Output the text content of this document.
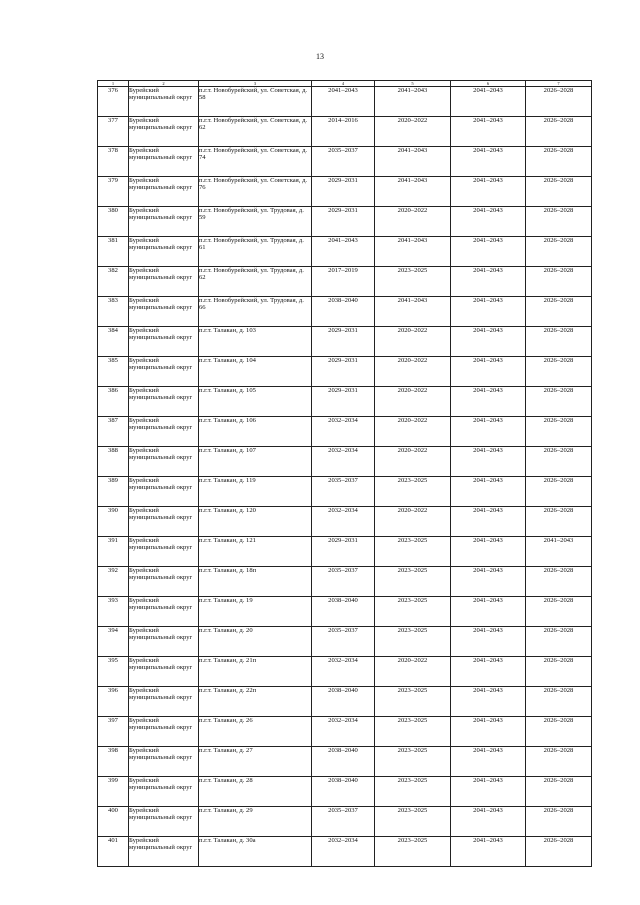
13
1	2	3	4	5	6	7
376	Бурейский муниципальный округ	п.г.т. Новобурейский, ул. Советская, д. 58	2041–2043	2041–2043	2041–2043	2026–2028
377	Бурейский муниципальный округ	п.г.т. Новобурейский, ул. Советская, д. 62	2014–2016	2020–2022	2041–2043	2026–2028
378	Бурейский муниципальный округ	п.г.т. Новобурейский, ул. Советская, д. 74	2035–2037	2041–2043	2041–2043	2026–2028
379	Бурейский муниципальный округ	п.г.т. Новобурейский, ул. Советская, д. 76	2029–2031	2041–2043	2041–2043	2026–2028
380	Бурейский муниципальный округ	п.г.т. Новобурейский, ул. Трудовая, д. 59	2029–2031	2020–2022	2041–2043	2026–2028
381	Бурейский муниципальный округ	п.г.т. Новобурейский, ул. Трудовая, д. 61	2041–2043	2041–2043	2041–2043	2026–2028
382	Бурейский муниципальный округ	п.г.т. Новобурейский, ул. Трудовая, д. 62	2017–2019	2023–2025	2041–2043	2026–2028
383	Бурейский муниципальный округ	п.г.т. Новобурейский, ул. Трудовая, д. 66	2038–2040	2041–2043	2041–2043	2026–2028
384	Бурейский муниципальный округ	п.г.т. Талакан, д. 103	2029–2031	2020–2022	2041–2043	2026–2028
385	Бурейский муниципальный округ	п.г.т. Талакан, д. 104	2029–2031	2020–2022	2041–2043	2026–2028
386	Бурейский муниципальный округ	п.г.т. Талакан, д. 105	2029–2031	2020–2022	2041–2043	2026–2028
387	Бурейский муниципальный округ	п.г.т. Талакан, д. 106	2032–2034	2020–2022	2041–2043	2026–2028
388	Бурейский муниципальный округ	п.г.т. Талакан, д. 107	2032–2034	2020–2022	2041–2043	2026–2028
389	Бурейский муниципальный округ	п.г.т. Талакан, д. 119	2035–2037	2023–2025	2041–2043	2026–2028
390	Бурейский муниципальный округ	п.г.т. Талакан, д. 120	2032–2034	2020–2022	2041–2043	2026–2028
391	Бурейский муниципальный округ	п.г.т. Талакан, д. 121	2029–2031	2023–2025	2041–2043	2041–2043
392	Бурейский муниципальный округ	п.г.т. Талакан, д. 18п	2035–2037	2023–2025	2041–2043	2026–2028
393	Бурейский муниципальный округ	п.г.т. Талакан, д. 19	2038–2040	2023–2025	2041–2043	2026–2028
394	Бурейский муниципальный округ	п.г.т. Талакан, д. 20	2035–2037	2023–2025	2041–2043	2026–2028
395	Бурейский муниципальный округ	п.г.т. Талакан, д. 21п	2032–2034	2020–2022	2041–2043	2026–2028
396	Бурейский муниципальный округ	п.г.т. Талакан, д. 22п	2038–2040	2023–2025	2041–2043	2026–2028
397	Бурейский муниципальный округ	п.г.т. Талакан, д. 26	2032–2034	2023–2025	2041–2043	2026–2028
398	Бурейский муниципальный округ	п.г.т. Талакан, д. 27	2038–2040	2023–2025	2041–2043	2026–2028
399	Бурейский муниципальный округ	п.г.т. Талакан, д. 28	2038–2040	2023–2025	2041–2043	2026–2028
400	Бурейский муниципальный округ	п.г.т. Талакан, д. 29	2035–2037	2023–2025	2041–2043	2026–2028
401	Бурейский муниципальный округ	п.г.т. Талакан, д. 30а	2032–2034	2023–2025	2041–2043	2026–2028
